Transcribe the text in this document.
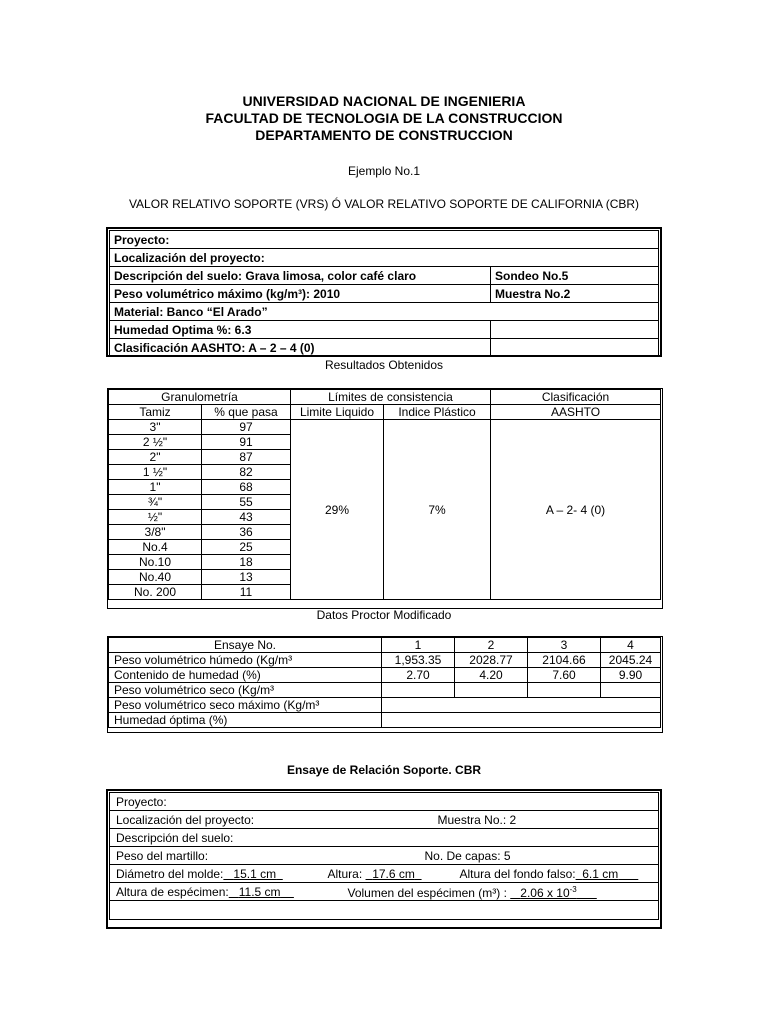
UNIVERSIDAD NACIONAL DE INGENIERIA
FACULTAD DE TECNOLOGIA DE LA CONSTRUCCION
DEPARTAMENTO DE CONSTRUCCION
Ejemplo No.1
VALOR RELATIVO SOPORTE (VRS) Ó VALOR RELATIVO SOPORTE DE CALIFORNIA (CBR)
Proyecto:	
Localización del proyecto:	
Descripción del suelo: Grava limosa, color café claro	Sondeo No.5
Peso volumétrico máximo (kg/m³): 2010	Muestra No.2
Material: Banco “El Arado”	
Humedad Optima %: 6.3	
Clasificación AASHTO: A – 2 – 4 (0)	
Resultados Obtenidos
Granulometría		Límites de consistencia		Clasificación
Tamiz	% que pasa	Limite Liquido	Indice Plástico	AASHTO
3"	97	29%	7%	A – 2- 4 (0)
2 ½"	91			
2"	87			
1 ½"	82			
1"	68			
¾"	55			
½"	43			
3/8"	36			
No.4	25			
No.10	18			
No.40	13			
No. 200	11			
Datos Proctor Modificado
Ensaye No.	1	2	3	4
Peso volumétrico húmedo (Kg/m³	1,953.35	2028.77	2104.66	2045.24
Contenido de humedad (%)	2.70	4.20	7.60	9.90
Peso volumétrico seco (Kg/m³				
Peso volumétrico seco máximo (Kg/m³				
Humedad óptima (%)				
Ensaye de Relación Soporte. CBR
Proyecto:
Localización del proyecto:	Muestra No.: 2

Descripción del suelo:
Peso del martillo:	No. De capas: 5

Diámetro del molde: 15.1 cm	Altura: 17.6 cm	Altura del fondo falso: 6.1 cm

Altura de espécimen: 11.5 cm	Volumen del espécimen (m³) : 2.06 x $10^{-3}$
